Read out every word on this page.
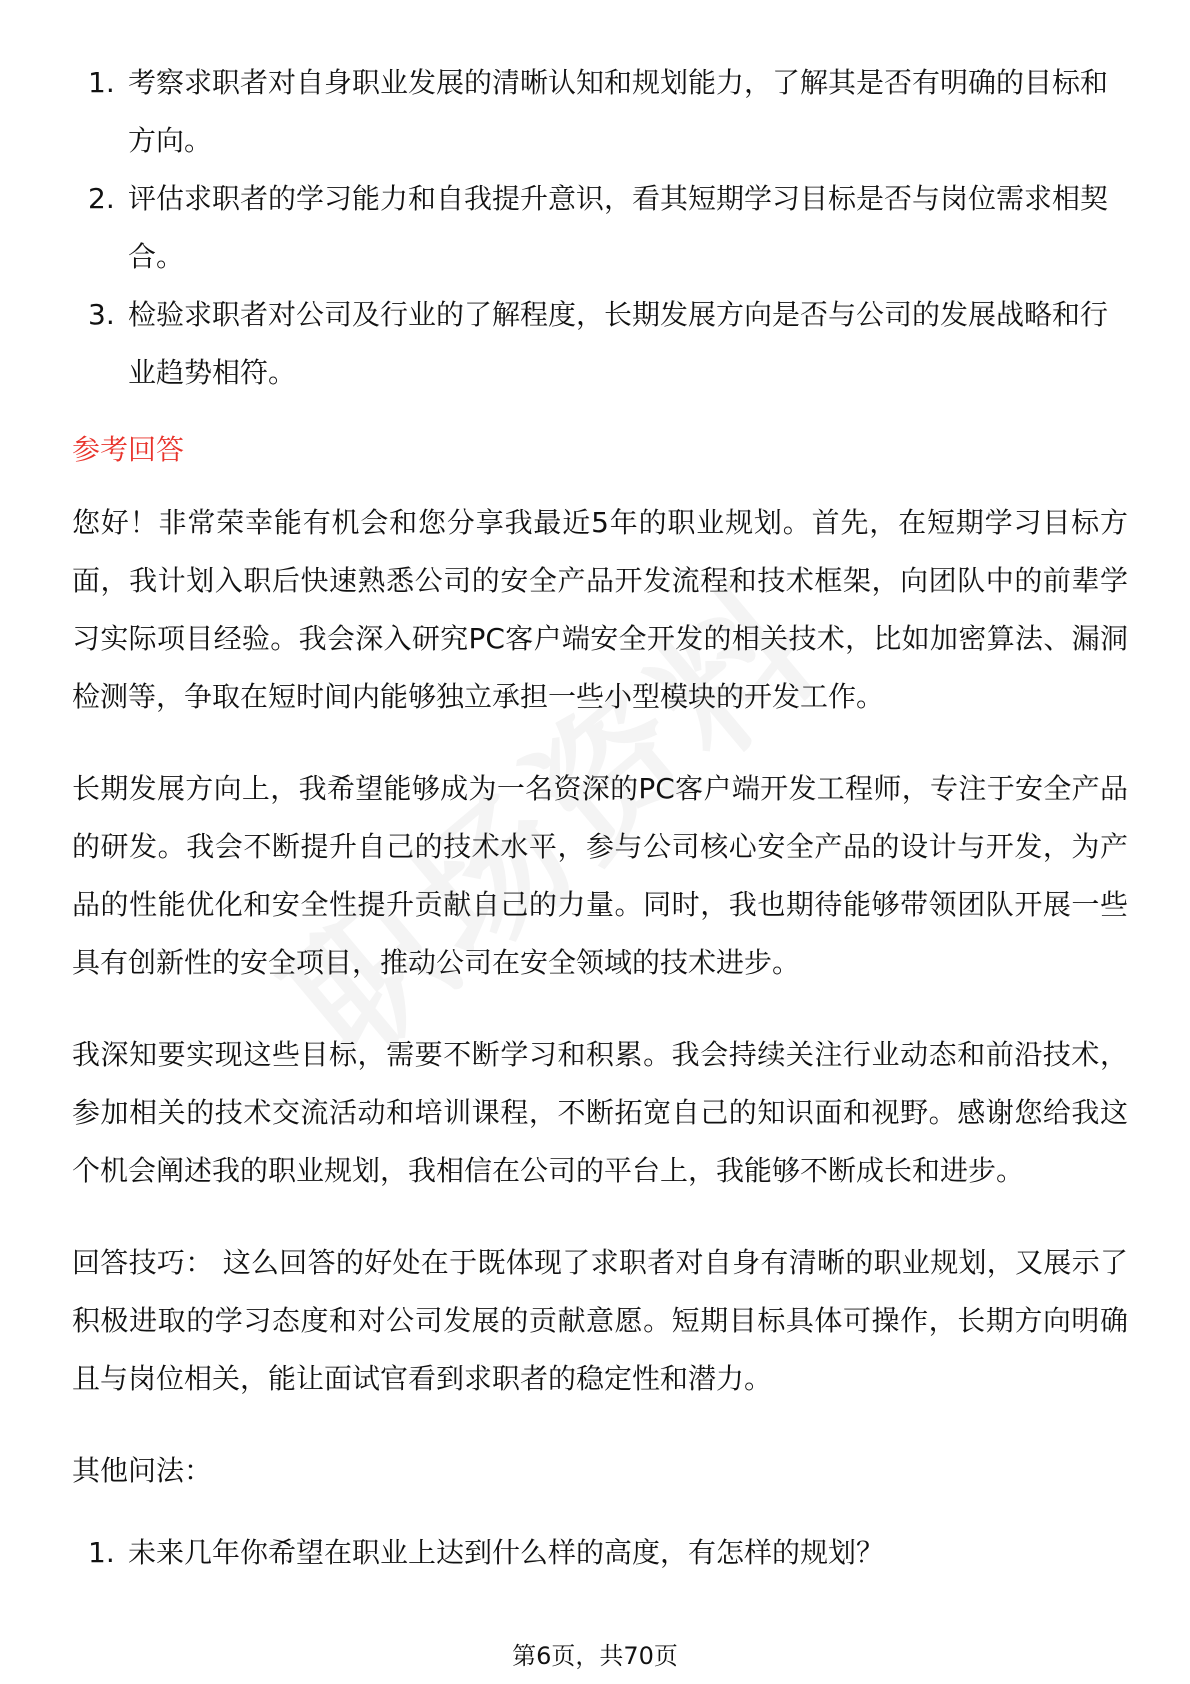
1. 考察求职者对自身职业发展的清晰认知和规划能力，了解其是否有明确的目标和方向。
2. 评估求职者的学习能力和自我提升意识，看其短期学习目标是否与岗位需求相契合。
3. 检验求职者对公司及行业的了解程度，长期发展方向是否与公司的发展战略和行业趋势相符。
参考回答

您好！非常荣幸能有机会和您分享我最近5年的职业规划。首先，在短期学习目标方面，我计划入职后快速熟悉公司的安全产品开发流程和技术框架，向团队中的前辈学习实际项目经验。我会深入研究PC客户端安全开发的相关技术，比如加密算法、漏洞检测等，争取在短时间内能够独立承担一些小型模块的开发工作。

长期发展方向上，我希望能够成为一名资深的PC客户端开发工程师，专注于安全产品的研发。我会不断提升自己的技术水平，参与公司核心安全产品的设计与开发，为产品的性能优化和安全性提升贡献自己的力量。同时，我也期待能够带领团队开展一些具有创新性的安全项目，推动公司在安全领域的技术进步。

我深知要实现这些目标，需要不断学习和积累。我会持续关注行业动态和前沿技术，参加相关的技术交流活动和培训课程，不断拓宽自己的知识面和视野。感谢您给我这个机会阐述我的职业规划，我相信在公司的平台上，我能够不断成长和进步。

回答技巧： 这么回答的好处在于既体现了求职者对自身有清晰的职业规划，又展示了积极进取的学习态度和对公司发展的贡献意愿。短期目标具体可操作，长期方向明确且与岗位相关，能让面试官看到求职者的稳定性和潜力。

其他问法：

1. 未来几年你希望在职业上达到什么样的高度，有怎样的规划？
第6页，共70页
